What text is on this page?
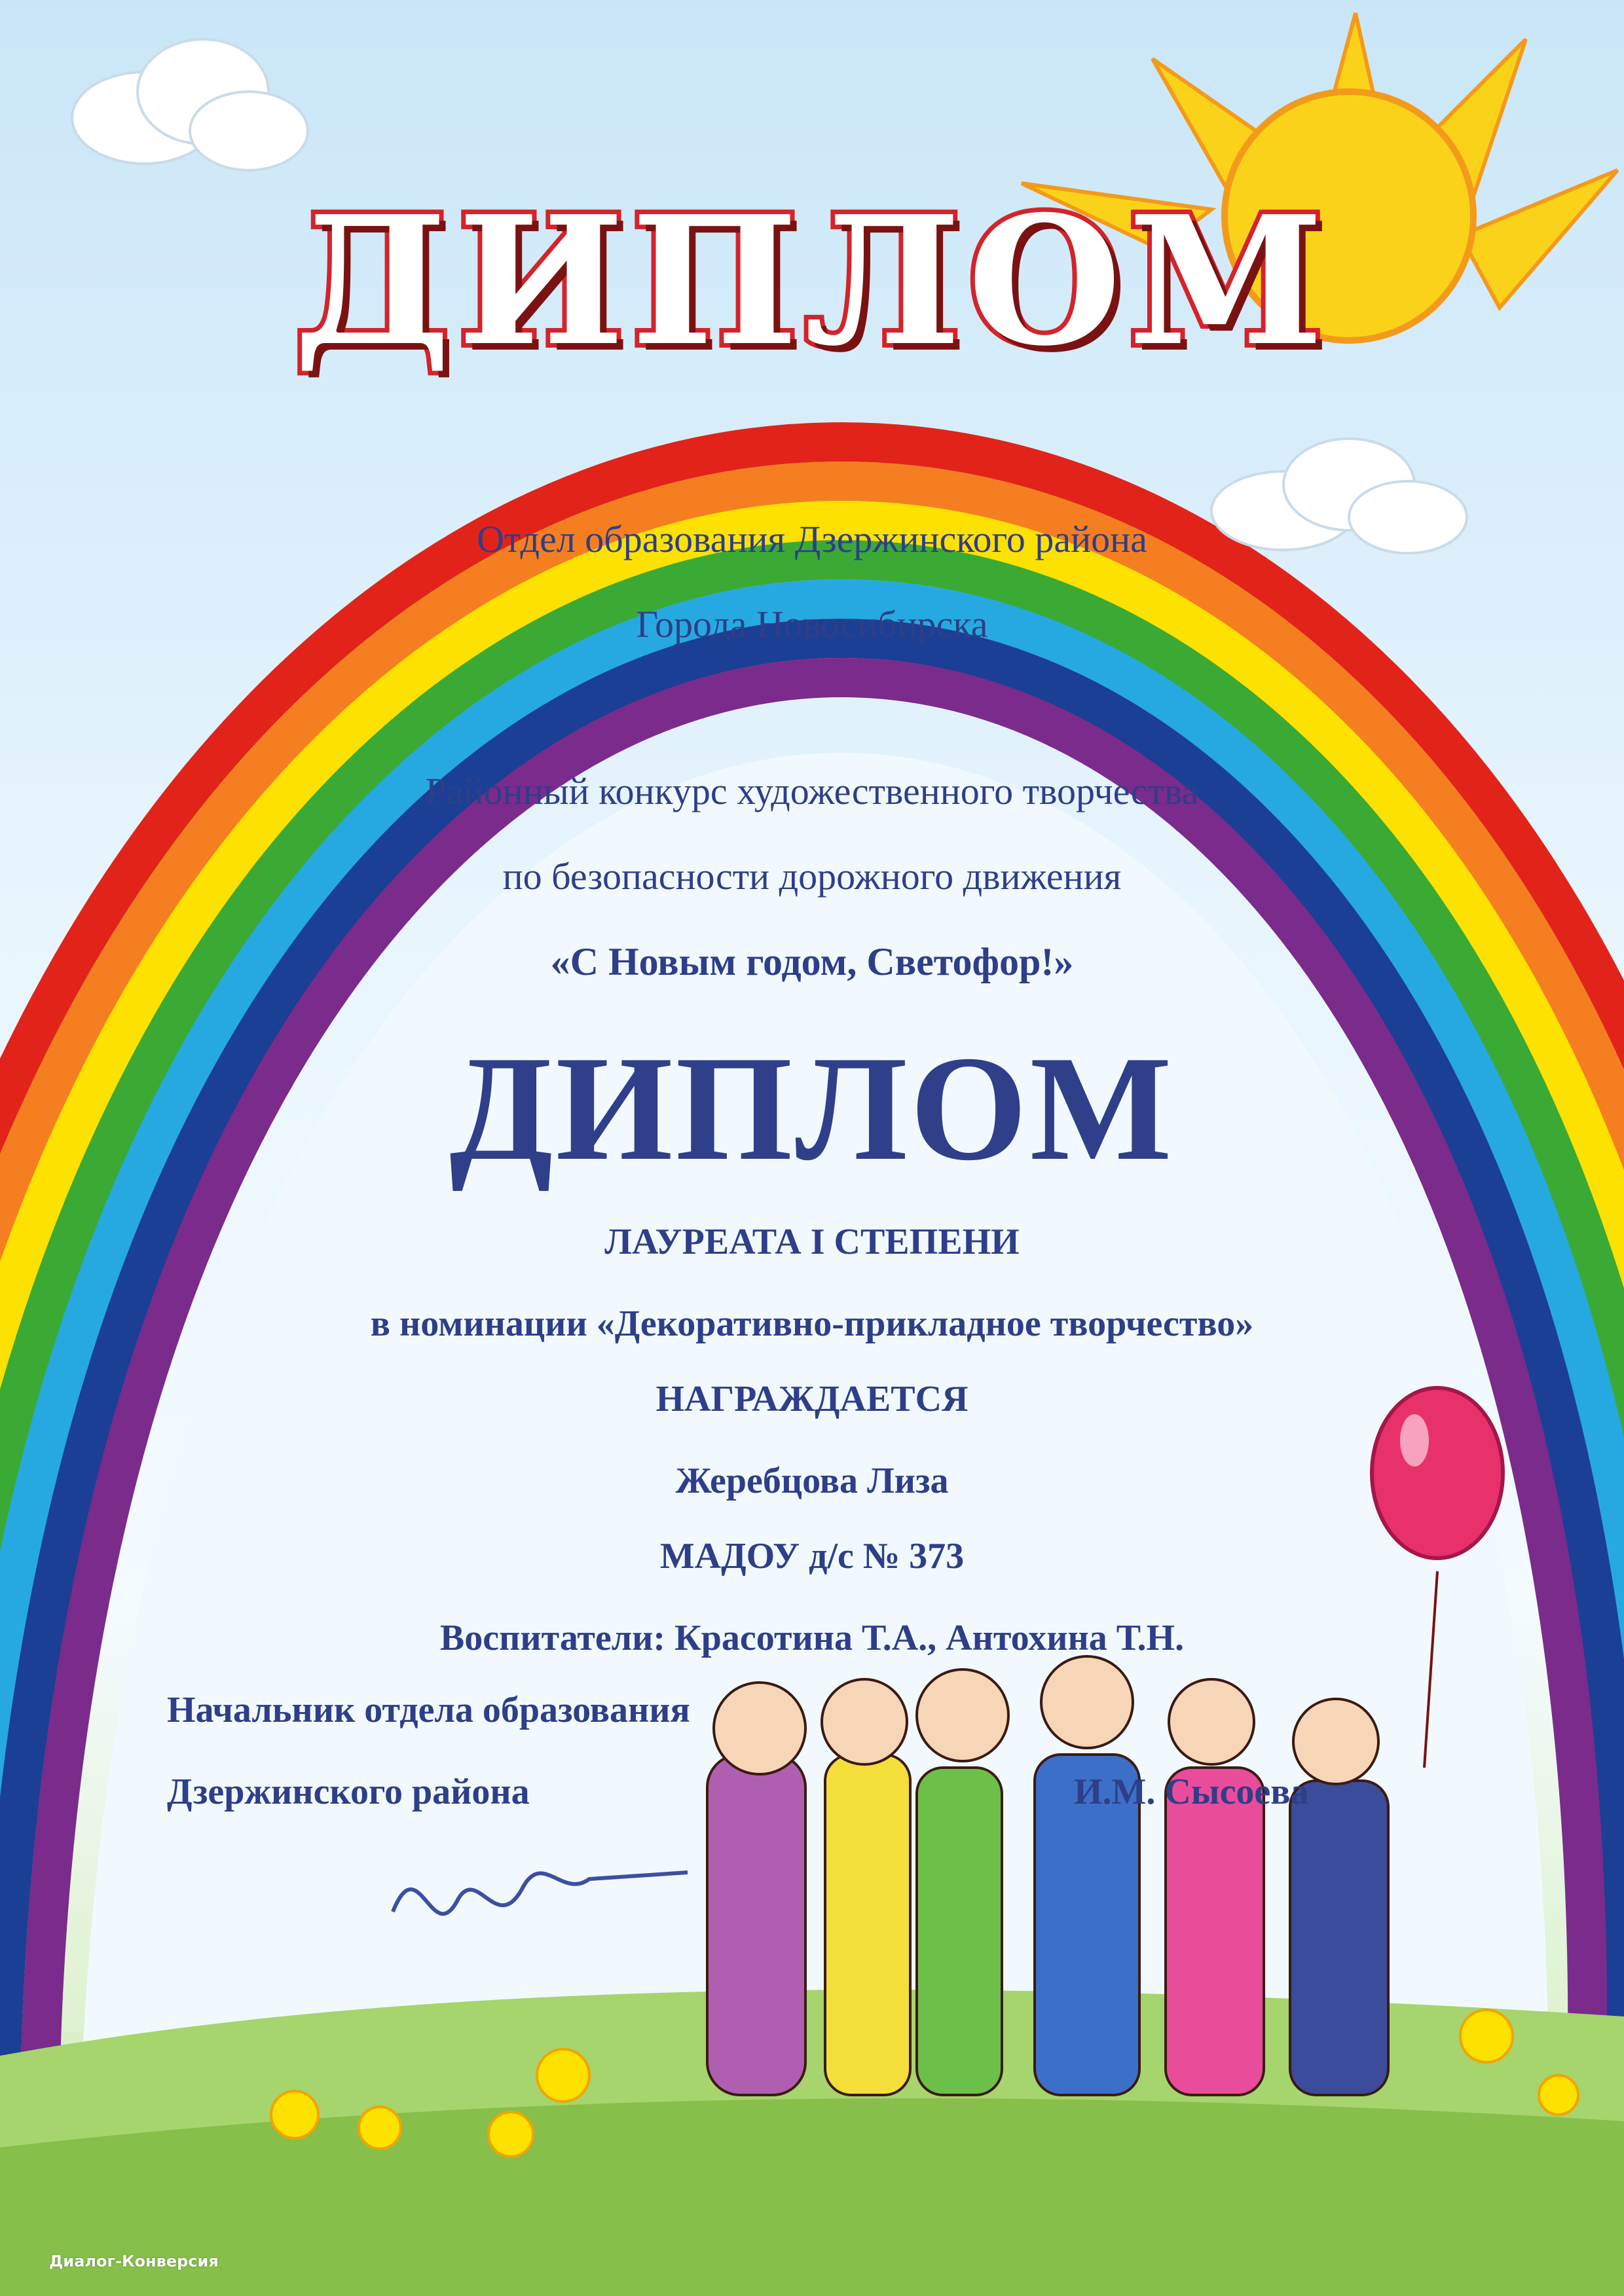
ДИПЛОМ
Отдел образования Дзержинского района
Города Новосибирска
Районный конкурс художественного творчества
по безопасности дорожного движения
«С Новым годом, Светофор!»
ДИПЛОМ
ЛАУРЕАТА I СТЕПЕНИ
в номинации «Декоративно-прикладное творчество»
НАГРАЖДАЕТСЯ
Жеребцова Лиза
МАДОУ д/с № 373
Воспитатели: Красотина Т.А., Антохина Т.Н.
Начальник отдела образования
Дзержинского района	И.М. Сысоева
Диалог-Конверсия
